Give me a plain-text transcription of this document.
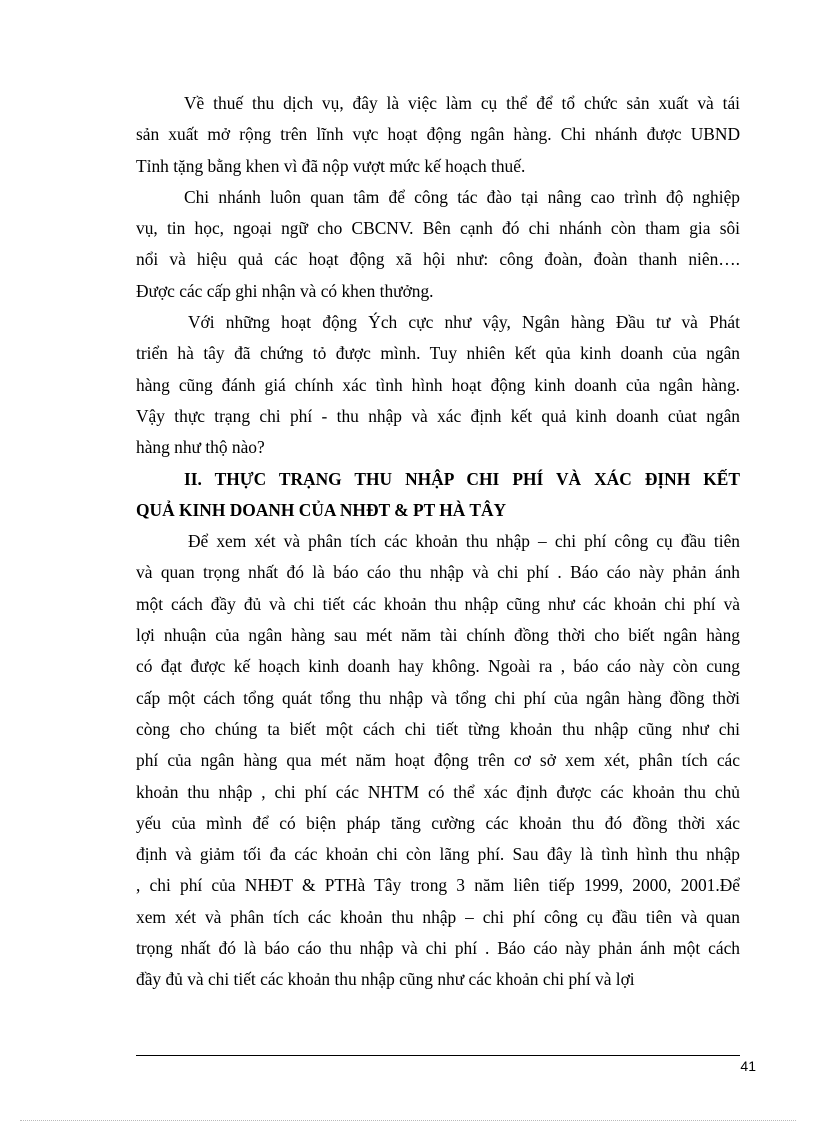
Về thuế thu dịch vụ, đây là việc làm cụ thể để tổ chức sản xuất và tái
sản xuất mở rộng trên lĩnh vực hoạt động ngân hàng. Chi nhánh được UBND
Tỉnh tặng bằng khen vì đã nộp vượt mức kế hoạch thuế.

Chi nhánh luôn quan tâm để công tác đào tại nâng cao trình độ nghiệp
vụ, tin học, ngoại ngữ cho CBCNV. Bên cạnh đó chi nhánh còn tham gia sôi
nổi và hiệu quả các hoạt động xã hội như: công đoàn, đoàn thanh niên….
Được các cấp ghi nhận và có khen thưởng.

Với những hoạt động Ých cực như vậy, Ngân hàng Đầu tư và Phát
triển hà tây đã chứng tỏ được mình. Tuy nhiên kết qủa kinh doanh của ngân
hàng cũng đánh giá chính xác tình hình hoạt động kinh doanh của ngân hàng.
Vậy thực trạng chi phí - thu nhập và xác định kết quả kinh doanh củat ngân
hàng như thộ nào?

II. THỰC TRẠNG THU NHẬP CHI PHÍ VÀ XÁC ĐỊNH KẾT
QUẢ KINH DOANH CỦA NHĐT & PT HÀ TÂY

Để xem xét và phân tích các khoản thu nhập – chi phí công cụ đầu tiên
và quan trọng nhất đó là báo cáo thu nhập và chi phí . Báo cáo này phản ánh
một cách đầy đủ và chi tiết các khoản thu nhập cũng như các khoản chi phí và
lợi nhuận của ngân hàng sau mét năm tài chính đồng thời cho biết ngân hàng
có đạt được kế hoạch kinh doanh hay không. Ngoài ra , báo cáo này còn cung
cấp một cách tổng quát tổng thu nhập và tổng chi phí của ngân hàng đồng thời
còng cho chúng ta biết một cách chi tiết từng khoản thu nhập cũng như chi
phí của ngân hàng qua mét năm hoạt động trên cơ sở xem xét, phân tích các
khoản thu nhập , chi phí các NHTM có thể xác định được các khoản thu chủ
yếu của mình để có biện pháp tăng cường các khoản thu đó đồng thời xác
định và giảm tối đa các khoản chi còn lãng phí. Sau đây là tình hình thu nhập
, chi phí của NHĐT & PTHà Tây trong 3 năm liên tiếp 1999, 2000, 2001.Để
xem xét và phân tích các khoản thu nhập – chi phí công cụ đầu tiên và quan
trọng nhất đó là báo cáo thu nhập và chi phí . Báo cáo này phản ánh một cách
đầy đủ và chi tiết các khoản thu nhập cũng như các khoản chi phí và lợi

41
